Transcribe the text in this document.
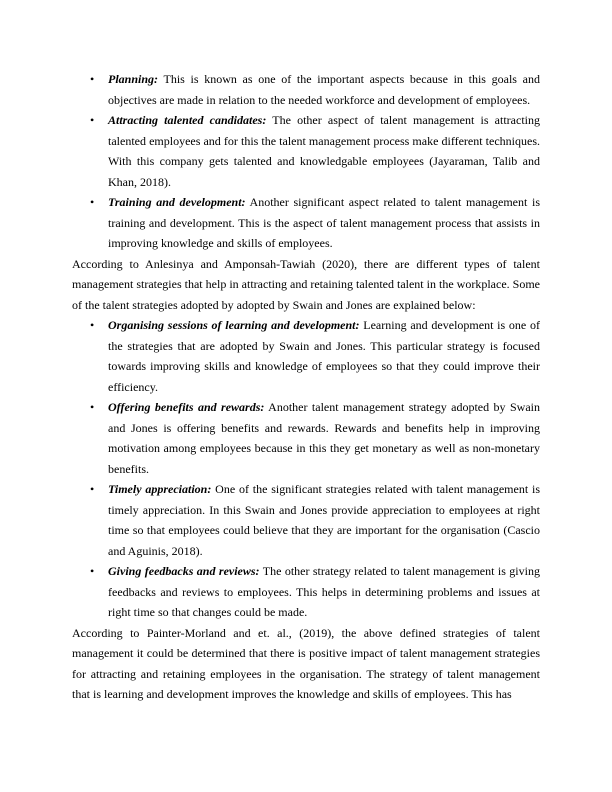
•	Planning: This is known as one of the important aspects because in this goals and objectives are made in relation to the needed workforce and development of employees.
•	Attracting talented candidates: The other aspect of talent management is attracting talented employees and for this the talent management process make different techniques. With this company gets talented and knowledgable employees (Jayaraman, Talib and Khan, 2018).
•	Training and development: Another significant aspect related to talent management is training and development. This is the aspect of talent management process that assists in improving knowledge and skills of employees.

According to Anlesinya and Amponsah-Tawiah (2020), there are different types of talent management strategies that help in attracting and retaining talented talent in the workplace. Some of the talent strategies adopted by adopted by Swain and Jones are explained below:

•	Organising sessions of learning and development: Learning and development is one of the strategies that are adopted by Swain and Jones. This particular strategy is focused towards improving skills and knowledge of employees so that they could improve their efficiency.
•	Offering benefits and rewards: Another talent management strategy adopted by Swain and Jones is offering benefits and rewards. Rewards and benefits help in improving motivation among employees because in this they get monetary as well as non-monetary benefits.
•	Timely appreciation: One of the significant strategies related with talent management is timely appreciation. In this Swain and Jones provide appreciation to employees at right time so that employees could believe that they are important for the organisation (Cascio and Aguinis, 2018).
•	Giving feedbacks and reviews: The other strategy related to talent management is giving feedbacks and reviews to employees. This helps in determining problems and issues at right time so that changes could be made.

According to Painter-Morland and et. al., (2019), the above defined strategies of talent management it could be determined that there is positive impact of talent management strategies for attracting and retaining employees in the organisation. The strategy of talent management that is learning and development improves the knowledge and skills of employees. This has
